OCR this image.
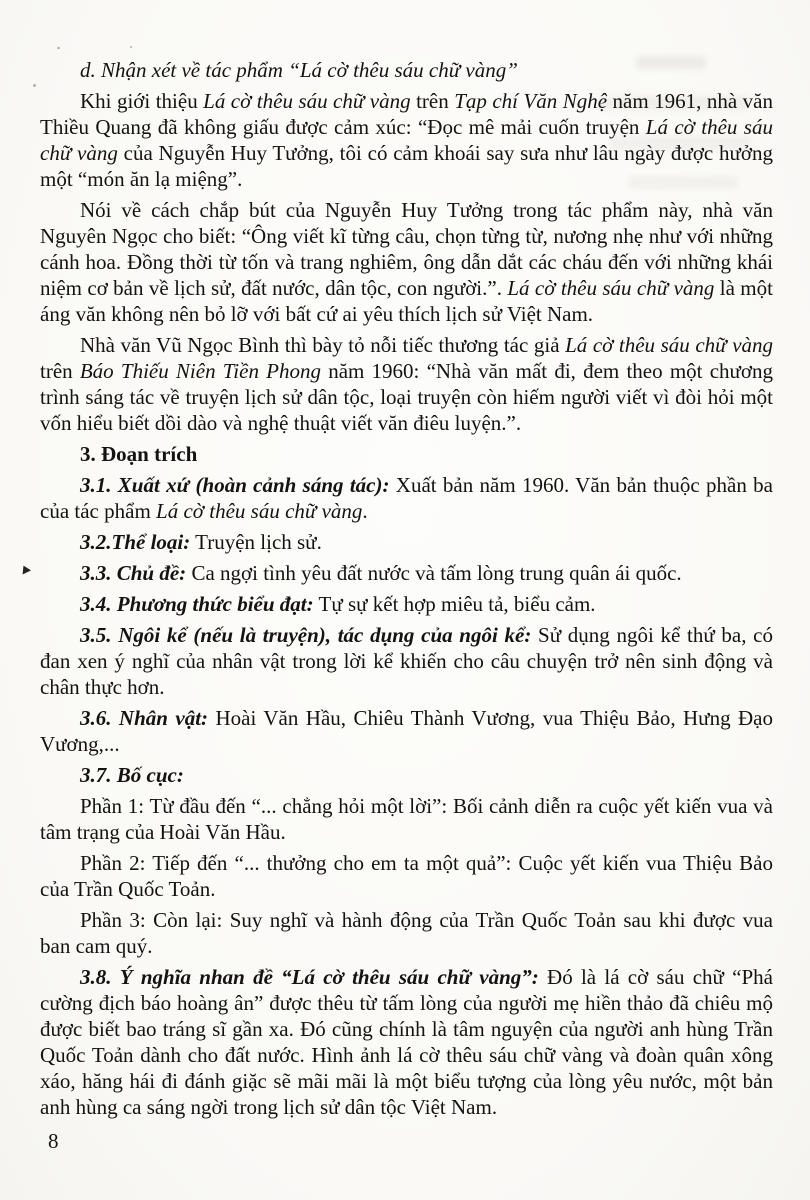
d. Nhận xét về tác phẩm “Lá cờ thêu sáu chữ vàng”

Khi giới thiệu Lá cờ thêu sáu chữ vàng trên Tạp chí Văn Nghệ năm 1961, nhà văn Thiều Quang đã không giấu được cảm xúc: “Đọc mê mải cuốn truyện Lá cờ thêu sáu chữ vàng của Nguyễn Huy Tưởng, tôi có cảm khoái say sưa như lâu ngày được hưởng một “món ăn lạ miệng”.

Nói về cách chắp bút của Nguyễn Huy Tưởng trong tác phẩm này, nhà văn Nguyên Ngọc cho biết: “Ông viết kĩ từng câu, chọn từng từ, nương nhẹ như với những cánh hoa. Đồng thời từ tốn và trang nghiêm, ông dẫn dắt các cháu đến với những khái niệm cơ bản về lịch sử, đất nước, dân tộc, con người.”. Lá cờ thêu sáu chữ vàng là một áng văn không nên bỏ lỡ với bất cứ ai yêu thích lịch sử Việt Nam.

Nhà văn Vũ Ngọc Bình thì bày tỏ nỗi tiếc thương tác giả Lá cờ thêu sáu chữ vàng trên Báo Thiếu Niên Tiền Phong năm 1960: “Nhà văn mất đi, đem theo một chương trình sáng tác về truyện lịch sử dân tộc, loại truyện còn hiếm người viết vì đòi hỏi một vốn hiểu biết dồi dào và nghệ thuật viết văn điêu luyện.”.

3. Đoạn trích

3.1. Xuất xứ (hoàn cảnh sáng tác): Xuất bản năm 1960. Văn bản thuộc phần ba của tác phẩm Lá cờ thêu sáu chữ vàng.

3.2.Thể loại: Truyện lịch sử.

3.3. Chủ đề: Ca ngợi tình yêu đất nước và tấm lòng trung quân ái quốc.

3.4. Phương thức biểu đạt: Tự sự kết hợp miêu tả, biểu cảm.

3.5. Ngôi kể (nếu là truyện), tác dụng của ngôi kể: Sử dụng ngôi kể thứ ba, có đan xen ý nghĩ của nhân vật trong lời kể khiến cho câu chuyện trở nên sinh động và chân thực hơn.

3.6. Nhân vật: Hoài Văn Hầu, Chiêu Thành Vương, vua Thiệu Bảo, Hưng Đạo Vương,...

3.7. Bố cục:

Phần 1: Từ đầu đến “... chẳng hỏi một lời”: Bối cảnh diễn ra cuộc yết kiến vua và tâm trạng của Hoài Văn Hầu.

Phần 2: Tiếp đến “... thưởng cho em ta một quả”: Cuộc yết kiến vua Thiệu Bảo của Trần Quốc Toản.

Phần 3: Còn lại: Suy nghĩ và hành động của Trần Quốc Toản sau khi được vua ban cam quý.

3.8. Ý nghĩa nhan đề “Lá cờ thêu sáu chữ vàng”: Đó là lá cờ sáu chữ “Phá cường địch báo hoàng ân” được thêu từ tấm lòng của người mẹ hiền thảo đã chiêu mộ được biết bao tráng sĩ gần xa. Đó cũng chính là tâm nguyện của người anh hùng Trần Quốc Toản dành cho đất nước. Hình ảnh lá cờ thêu sáu chữ vàng và đoàn quân xông xáo, hăng hái đi đánh giặc sẽ mãi mãi là một biểu tượng của lòng yêu nước, một bản anh hùng ca sáng ngời trong lịch sử dân tộc Việt Nam.

8
